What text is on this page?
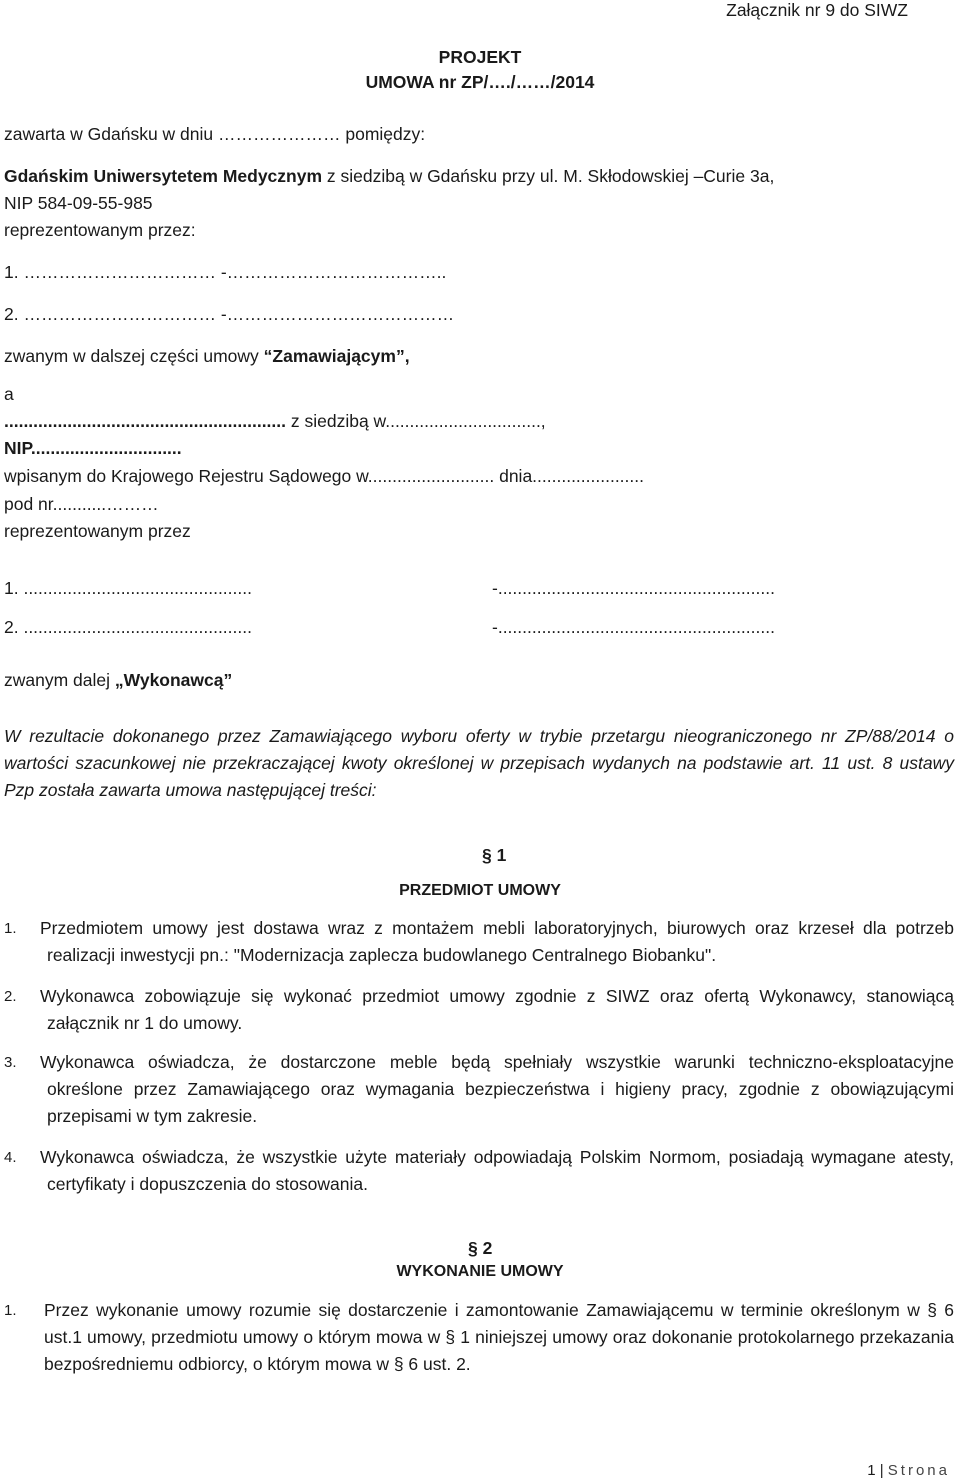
Załącznik nr 9 do SIWZ
PROJEKT
UMOWA nr ZP/…./……/2014
zawarta w Gdańsku w dniu ………………… pomiędzy:
Gdańskim Uniwersytetem Medycznym z siedzibą w Gdańsku przy ul. M. Skłodowskiej –Curie 3a,
NIP 584-09-55-985
reprezentowanym przez:
1. …………………………… -………………………………..
2. …………………………… -…………………………………
zwanym w dalszej części umowy “Zamawiającym”,
a
.......................................................... z siedzibą w................................,
NIP...............................
wpisanym do Krajowego Rejestru Sądowego w.......................... dnia.......................
pod nr...........………
reprezentowanym przez
1. ...............................................	-.........................................................
2. ...............................................	-.........................................................
zwanym dalej „Wykonawcą”
W rezultacie dokonanego przez Zamawiającego wyboru oferty w trybie przetargu nieograniczonego nr ZP/88/2014 o wartości szacunkowej nie przekraczającej kwoty określonej w przepisach wydanych na podstawie art. 11 ust. 8 ustawy Pzp została zawarta umowa następującej treści:
§ 1
PRZEDMIOT UMOWY
1.	Przedmiotem umowy jest dostawa wraz z montażem mebli laboratoryjnych, biurowych oraz krzeseł dla potrzeb realizacji inwestycji pn.: "Modernizacja zaplecza budowlanego Centralnego Biobanku".
2.	Wykonawca zobowiązuje się wykonać przedmiot umowy zgodnie z SIWZ oraz ofertą Wykonawcy, stanowiącą załącznik nr 1 do umowy.
3.	Wykonawca oświadcza, że dostarczone meble będą spełniały wszystkie warunki techniczno-eksploatacyjne określone przez Zamawiającego oraz wymagania bezpieczeństwa i higieny pracy, zgodnie z obowiązującymi przepisami w tym zakresie.
4.	Wykonawca oświadcza, że wszystkie użyte materiały odpowiadają Polskim Normom, posiadają wymagane atesty, certyfikaty i dopuszczenia do stosowania.
§ 2
WYKONANIE UMOWY
1.	Przez wykonanie umowy rozumie się dostarczenie i zamontowanie Zamawiającemu w terminie określonym w § 6 ust.1 umowy, przedmiotu umowy o którym mowa w § 1 niniejszej umowy oraz dokonanie protokolarnego przekazania bezpośredniemu odbiorcy, o którym mowa w § 6 ust. 2.
1 | Strona
